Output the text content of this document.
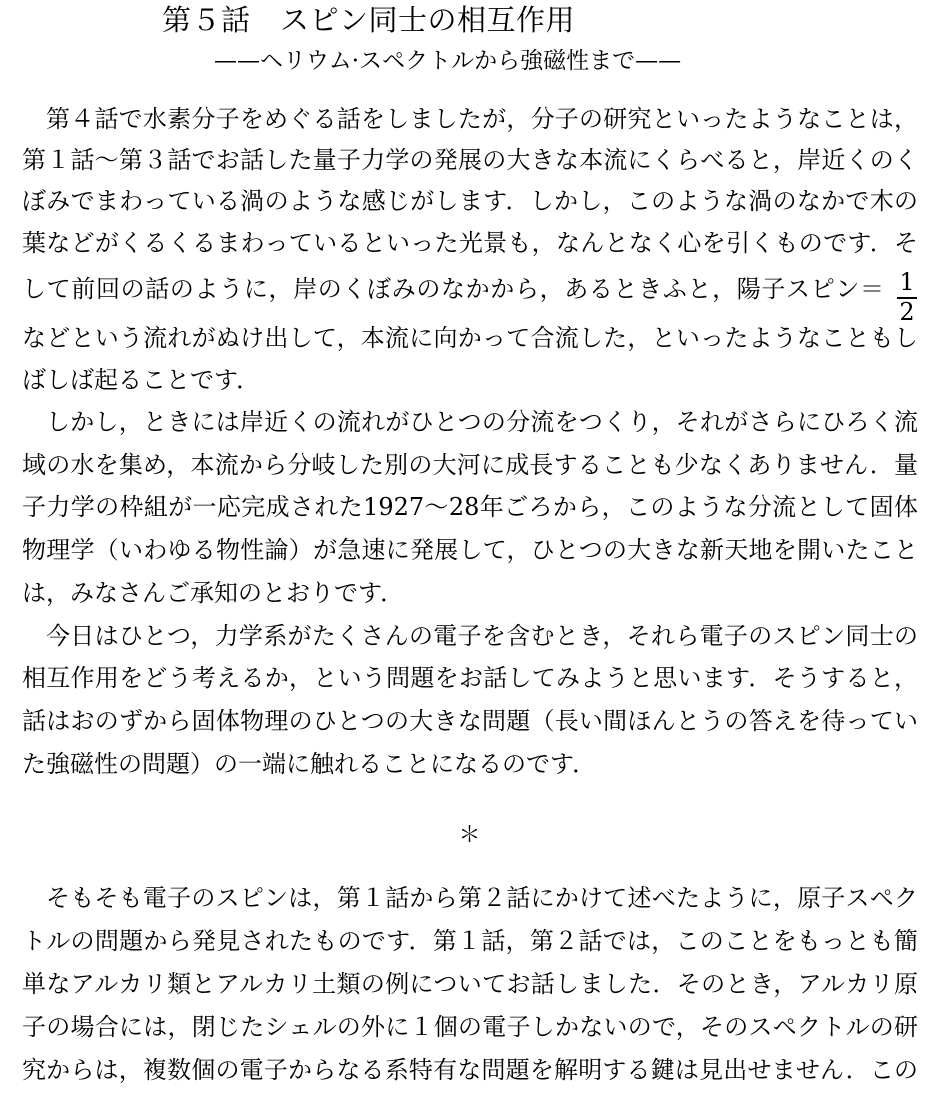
第５話　スピン同士の相互作用
——ヘリウム·スペクトルから強磁性まで——
第４話で水素分子をめぐる話をしましたが，分子の研究といったようなことは，
第１話～第３話でお話した量子力学の発展の大きな本流にくらべると，岸近くのく
ぼみでまわっている渦のような感じがします．しかし，このような渦のなかで木の
葉などがくるくるまわっているといった光景も，なんとなく心を引くものです．そ
して前回の話のように，岸のくぼみのなかから，あるときふと，陽子スピン＝ 1
2
などという流れがぬけ出して，本流に向かって合流した，といったようなこともし
ばしば起ることです．
しかし，ときには岸近くの流れがひとつの分流をつくり，それがさらにひろく流
域の水を集め，本流から分岐した別の大河に成長することも少なくありません．量
子力学の枠組が一応完成された1927～28年ごろから，このような分流として固体
物理学（いわゆる物性論）が急速に発展して，ひとつの大きな新天地を開いたこと
は，みなさんご承知のとおりです．
今日はひとつ，力学系がたくさんの電子を含むとき，それら電子のスピン同士の
相互作用をどう考えるか，という問題をお話してみようと思います．そうすると，
話はおのずから固体物理のひとつの大きな問題（長い間ほんとうの答えを待ってい
た強磁性の問題）の一端に触れることになるのです．
＊
そもそも電子のスピンは，第１話から第２話にかけて述べたように，原子スペク
トルの問題から発見されたものです．第１話，第２話では，このことをもっとも簡
単なアルカリ類とアルカリ土類の例についてお話しました．そのとき，アルカリ原
子の場合には，閉じたシェルの外に１個の電子しかないので，そのスペクトルの研
究からは，複数個の電子からなる系特有な問題を解明する鍵は見出せません．この
